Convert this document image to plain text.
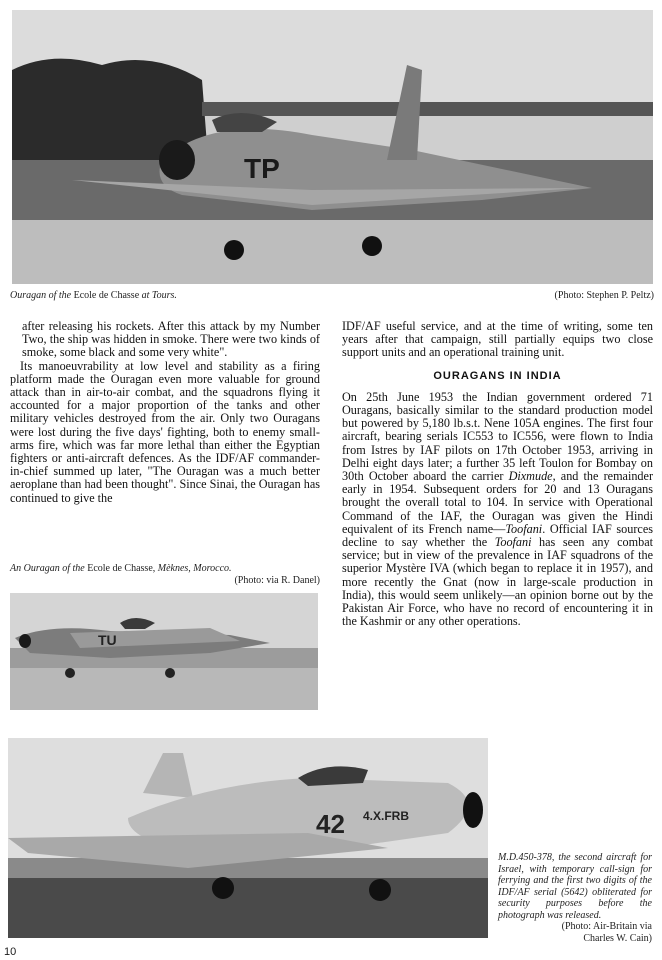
TP
Ouragan of the Ecole de Chasse at Tours.	(Photo: Stephen P. Peltz)

after releasing his rockets. After this attack by my Number Two, the ship was hidden in smoke. There were two kinds of smoke, some black and some very white".

Its manoeuvrability at low level and stability as a firing platform made the Ouragan even more valuable for ground attack than in air-to-air combat, and the squadrons flying it accounted for a major proportion of the tanks and other military vehicles destroyed from the air. Only two Ouragans were lost during the five days' fighting, both to enemy small-arms fire, which was far more lethal than either the Egyptian fighters or anti-aircraft defences. As the IDF/AF commander-in-chief summed up later, "The Ouragan was a much better aeroplane than had been thought". Since Sinai, the Ouragan has continued to give the

An Ouragan of the Ecole de Chasse, Mèknes, Morocco.
(Photo: via R. Danel)
TU

IDF/AF useful service, and at the time of writing, some ten years after that campaign, still partially equips two close support units and an operational training unit.

OURAGANS IN INDIA

On 25th June 1953 the Indian government ordered 71 Ouragans, basically similar to the standard production model but powered by 5,180 lb.s.t. Nene 105A engines. The first four aircraft, bearing serials IC553 to IC556, were flown to India from Istres by IAF pilots on 17th October 1953, arriving in Delhi eight days later; a further 35 left Toulon for Bombay on 30th October aboard the carrier Dixmude, and the remainder early in 1954. Subsequent orders for 20 and 13 Ouragans brought the overall total to 104. In service with Operational Command of the IAF, the Ouragan was given the Hindi equivalent of its French name—Toofani. Official IAF sources decline to say whether the Toofani has seen any combat service; but in view of the prevalence in IAF squadrons of the superior Mystère IVA (which began to replace it in 1957), and more recently the Gnat (now in large-scale production in India), this would seem unlikely—an opinion borne out by the Pakistan Air Force, who have no record of encountering it in the Kashmir or any other operations.

42 4.X.FRB
M.D.450-378, the second aircraft for Israel, with temporary call-sign for ferrying and the first two digits of the IDF/AF serial (5642) obliterated for security purposes before the photograph was released.
(Photo: Air-Britain via
Charles W. Cain)
10
